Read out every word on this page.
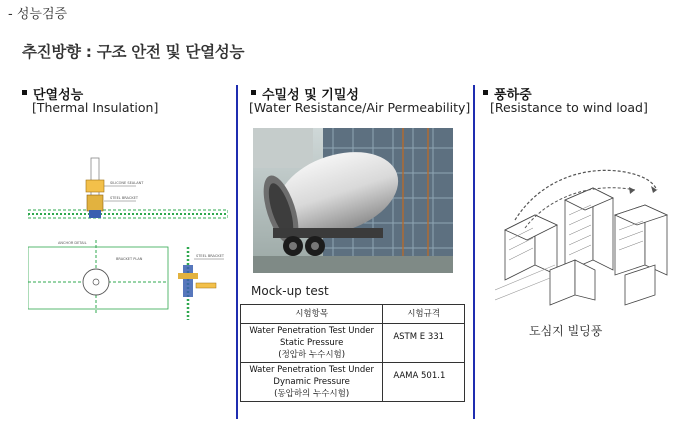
- 성능검증
추진방향 : 구조 안전 및 단열성능
단열성능
[Thermal Insulation]
SILICONE SEALANT
STEEL BRACKET
ANCHOR DETAIL
BRACKET PLAN
STEEL BRACKET
수밀성 및 기밀성
[Water Resistance/Air Permeability]
Mock-up test
시험항목	시험규격

Water Penetration Test Under
Static Pressure
(정압하 누수시험)	ASTM E 331

Water Penetration Test Under
Dynamic Pressure
(동압하의 누수시험)	AAMA 501.1
풍하중
[Resistance to wind load]
도심지 빌딩풍
